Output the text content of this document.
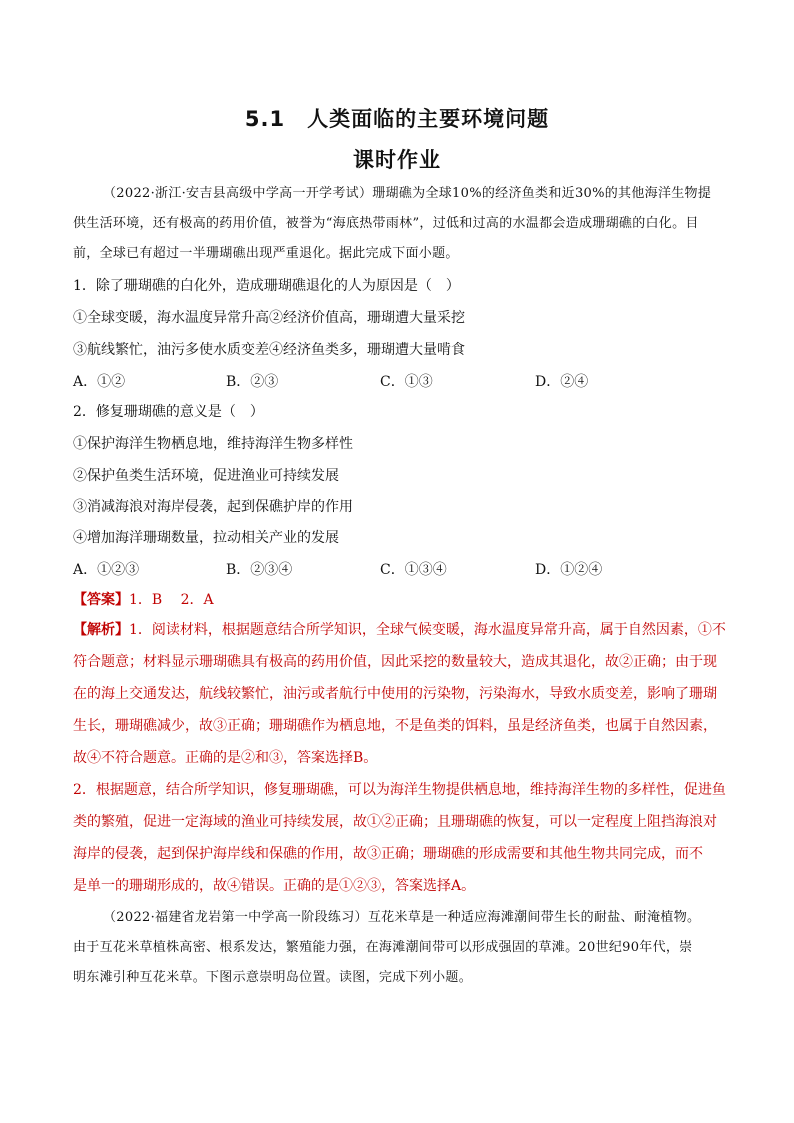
5.1　人类面临的主要环境问题
课时作业
（2022·浙江·安吉县高级中学高一开学考试）珊瑚礁为全球10%的经济鱼类和近30%的其他海洋生物提
供生活环境，还有极高的药用价值，被誉为“海底热带雨林”，过低和过高的水温都会造成珊瑚礁的白化。目
前，全球已有超过一半珊瑚礁出现严重退化。据此完成下面小题。
1．除了珊瑚礁的白化外，造成珊瑚礁退化的人为原因是（　）
①全球变暖，海水温度异常升高②经济价值高，珊瑚遭大量采挖
③航线繁忙，油污多使水质变差④经济鱼类多，珊瑚遭大量啃食
A．①②	B．②③	C．①③	D．②④
2．修复珊瑚礁的意义是（　）
①保护海洋生物栖息地，维持海洋生物多样性
②保护鱼类生活环境，促进渔业可持续发展
③消减海浪对海岸侵袭，起到保礁护岸的作用
④增加海洋珊瑚数量，拉动相关产业的发展
A．①②③	B．②③④	C．①③④	D．①②④
【答案】1．B　 2．A
【解析】1．阅读材料，根据题意结合所学知识，全球气候变暖，海水温度异常升高，属于自然因素，①不
符合题意；材料显示珊瑚礁具有极高的药用价值，因此采挖的数量较大，造成其退化，故②正确；由于现
在的海上交通发达，航线较繁忙，油污或者航行中使用的污染物，污染海水，导致水质变差，影响了珊瑚
生长，珊瑚礁减少，故③正确；珊瑚礁作为栖息地，不是鱼类的饵料，虽是经济鱼类，也属于自然因素，
故④不符合题意。正确的是②和③，答案选择B。
2．根据题意，结合所学知识，修复珊瑚礁，可以为海洋生物提供栖息地，维持海洋生物的多样性，促进鱼
类的繁殖，促进一定海域的渔业可持续发展，故①②正确；且珊瑚礁的恢复，可以一定程度上阻挡海浪对
海岸的侵袭，起到保护海岸线和保礁的作用，故③正确；珊瑚礁的形成需要和其他生物共同完成，而不
是单一的珊瑚形成的，故④错误。正确的是①②③，答案选择A。
（2022·福建省龙岩第一中学高一阶段练习）互花米草是一种适应海滩潮间带生长的耐盐、耐淹植物。
由于互花米草植株高密、根系发达，繁殖能力强，在海滩潮间带可以形成强固的草滩。20世纪90年代，崇
明东滩引种互花米草。下图示意崇明岛位置。读图，完成下列小题。
